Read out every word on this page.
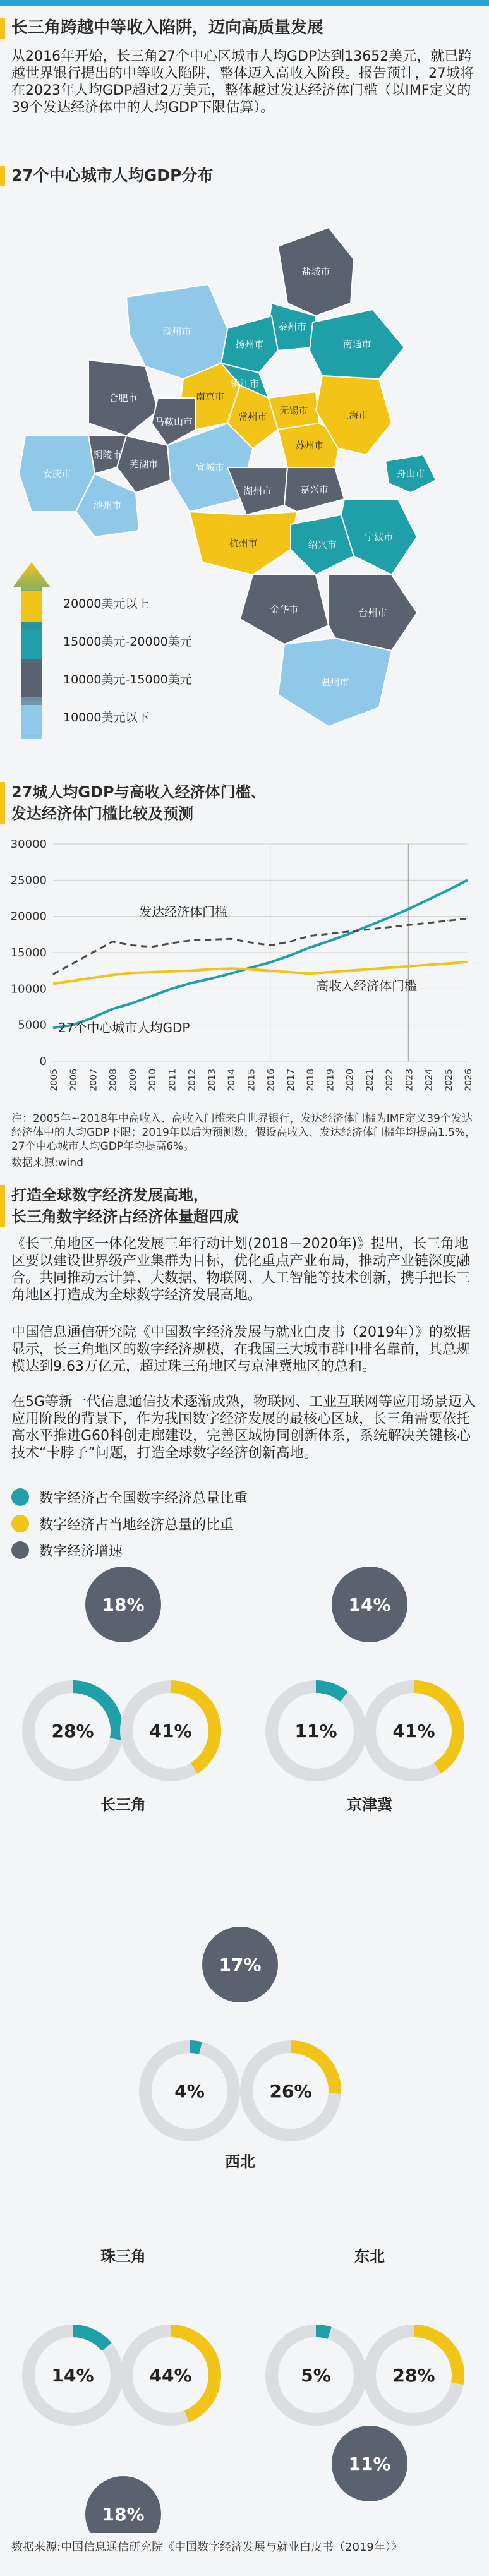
长三角跨越中等收入陷阱，迈向高质量发展
从2016年开始，长三角27个中心区城市人均GDP达到13652美元，就已跨越世界银行提出的中等收入陷阱，整体迈入高收入阶段。报告预计，27城将在2023年人均GDP超过2万美元，整体越过发达经济体门槛（以IMF定义的39个发达经济体中的人均GDP下限估算）。
27个中心城市人均GDP分布
盐城市
泰州市
扬州市	南通市
滁州市
南京市
镇江市
常州市
合肥市
马鞍山市
无锡市
苏州市
上海市
芜湖市	宣城市
铜陵市
湖州市	嘉兴市
安庆市
池州市
杭州市
舟山市
绍兴市
宁波市
金华市	台州市
温州市
20000美元以上
15000美元-20000美元
10000美元-15000美元
10000美元以下
27城人均GDP与高收入经济体门槛、
发达经济体门槛比较及预测
0
5000
10000
15000
20000
25000
30000
2005 2006 2007 2008 2009 2010 2011 2012 2013 2014 2015 2016 2017 2018 2019 2020 2021 2022 2023 2024 2025 2026
27个中心城市人均GDP
高收入经济体门槛
发达经济体门槛
注：2005年~2018年中高收入、高收入门槛来自世界银行，发达经济体门槛为IMF定义39个发达经济体中的人均GDP下限；2019年以后为预测数，假设高收入、发达经济体门槛年均提高1.5%，27个中心城市人均GDP年均提高6%。
数据来源:wind
打造全球数字经济发展高地，
长三角数字经济占经济体量超四成
《长三角地区一体化发展三年行动计划(2018－2020年)》提出，长三角地区要以建设世界级产业集群为目标，优化重点产业布局，推动产业链深度融合。共同推动云计算、大数据、物联网、人工智能等技术创新，携手把长三角地区打造成为全球数字经济发展高地。
中国信息通信研究院《中国数字经济发展与就业白皮书（2019年）》的数据显示，长三角地区的数字经济规模，在我国三大城市群中排名靠前，其总规模达到9.63万亿元，超过珠三角地区与京津冀地区的总和。
在5G等新一代信息通信技术逐渐成熟，物联网、工业互联网等应用场景迈入应用阶段的背景下，作为我国数字经济发展的最核心区域，长三角需要依托高水平推进G60科创走廊建设，完善区域协同创新体系，系统解决关键核心技术“卡脖子”问题，打造全球数字经济创新高地。
数字经济占全国数字经济总量比重
数字经济占当地经济总量的比重
数字经济增速
28%	41%
18%
长三角
11%	41%
14%
京津冀
4%	26%
17%
西北
14%	44%
18%
珠三角
5%	28%
11%
东北
数据来源:中国信息通信研究院《中国数字经济发展与就业白皮书（2019年）》
